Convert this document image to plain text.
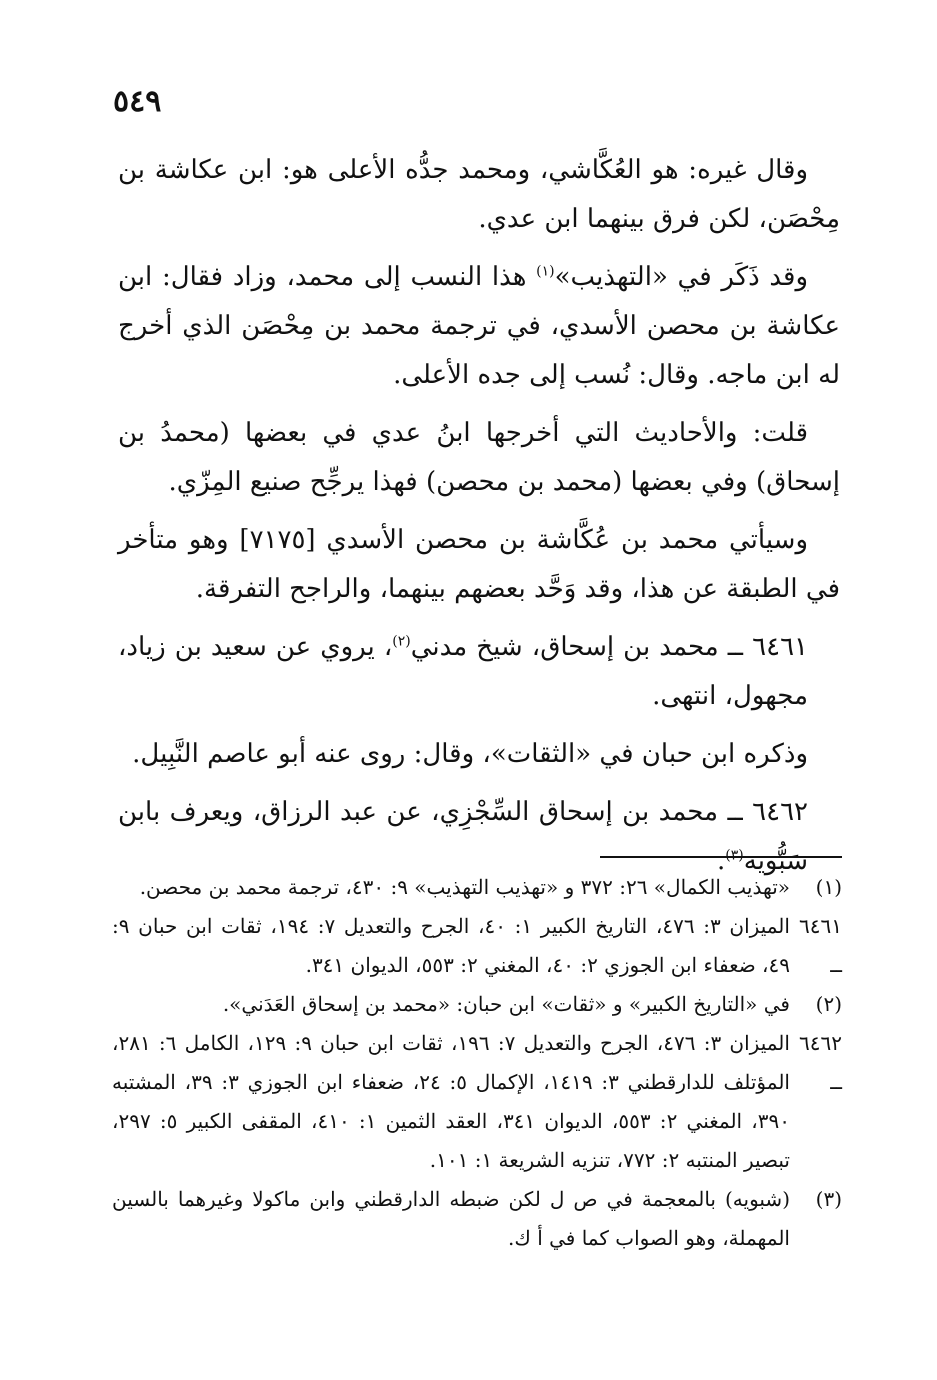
٥٤٩

وقال غيره: هو العُكَّاشي، ومحمد جدُّه الأعلى هو: ابن عكاشة بن مِحْصَن، لكن فرق بينهما ابن عدي.

وقد ذَكَر في «التهذيب»$^{(١)}$ هذا النسب إلى محمد، وزاد فقال: ابن عكاشة بن محصن الأسدي، في ترجمة محمد بن مِحْصَن الذي أخرج له ابن ماجه. وقال: نُسب إلى جده الأعلى.

قلت: والأحاديث التي أخرجها ابنُ عدي في بعضها (محمدُ بن إسحاق) وفي بعضها (محمد بن محصن) فهذا يرجِّح صنيع المِزّي.

وسيأتي محمد بن عُكَّاشة بن محصن الأسدي [٧١٧٥] وهو متأخر في الطبقة عن هذا، وقد وَحَّد بعضهم بينهما، والراجح التفرقة.

٦٤٦١ ــ محمد بن إسحاق، شيخ مدني$^{(٢)}$، يروي عن سعيد بن زياد، مجهول، انتهى.

وذكره ابن حبان في «الثقات»، وقال: روى عنه أبو عاصم النَّبِيل.

٦٤٦٢ ــ محمد بن إسحاق السِّجْزِي، عن عبد الرزاق، ويعرف بابن سَبُّويه$^{(٣)}$.

(١)
«تهذيب الكمال» ٢٦: ٣٧٢ و «تهذيب التهذيب» ٩: ٤٣٠، ترجمة محمد بن محصن.
٦٤٦١ ــ
الميزان ٣: ٤٧٦، التاريخ الكبير ١: ٤٠، الجرح والتعديل ٧: ١٩٤، ثقات ابن حبان ٩: ٤٩، ضعفاء ابن الجوزي ٢: ٤٠، المغني ٢: ٥٥٣، الديوان ٣٤١.
(٢)
في «التاريخ الكبير» و «ثقات» ابن حبان: «محمد بن إسحاق العَدَني».
٦٤٦٢ ــ
الميزان ٣: ٤٧٦، الجرح والتعديل ٧: ١٩٦، ثقات ابن حبان ٩: ١٢٩، الكامل ٦: ٢٨١، المؤتلف للدارقطني ٣: ١٤١٩، الإكمال ٥: ٢٤، ضعفاء ابن الجوزي ٣: ٣٩، المشتبه ٣٩٠، المغني ٢: ٥٥٣، الديوان ٣٤١، العقد الثمين ١: ٤١٠، المقفى الكبير ٥: ٢٩٧، تبصير المنتبه ٢: ٧٧٢، تنزيه الشريعة ١: ١٠١.
(٣)
(شبويه) بالمعجمة في ص ل لكن ضبطه الدارقطني وابن ماكولا وغيرهما بالسين المهملة، وهو الصواب كما في أ ك.
